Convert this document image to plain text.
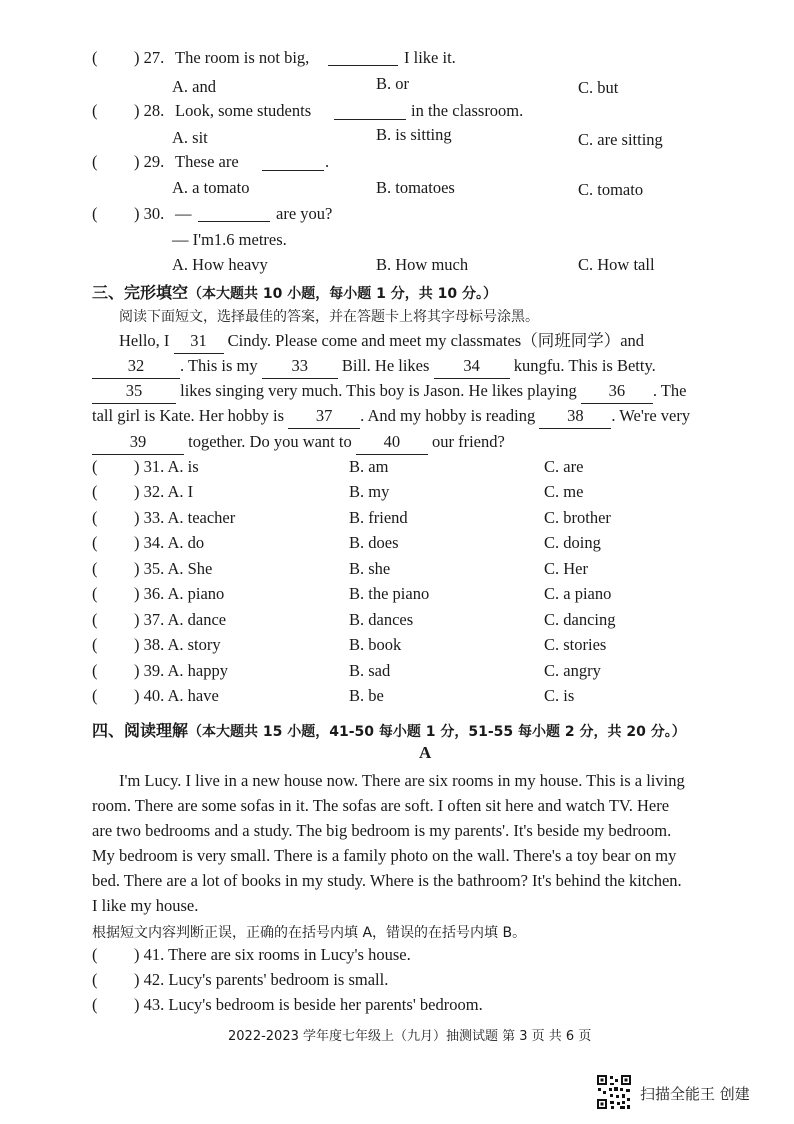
( ) 27. The room is not big,	I like it.
A. and	B. or	C. but
( ) 28. Look, some students	in the classroom.
A. sit	B. is sitting	C. are sitting
( ) 29. These are	.
A. a tomato	B. tomatoes	C. tomato
( ) 30. —	are you?
— I'm1.6 metres.
A. How heavy	B. How much	C. How tall
三、完形填空（本大题共 10 小题，每小题 1 分，共 10 分。）
阅读下面短文，选择最佳的答案，并在答题卡上将其字母标号涂黑。
Hello, I 31 Cindy. Please come and meet my classmates（同班同学）and
32 . This is my 33 Bill. He likes 34 kungfu. This is Betty.
35 likes singing very much. This boy is Jason. He likes playing 36 . The
tall girl is Kate. Her hobby is 37 . And my hobby is reading 38 . We're very
39	together. Do you want to 40 our friend?
( ) 31. A. is	B. am	C. are
( ) 32. A. I	B. my	C. me
( ) 33. A. teacher	B. friend	C. brother
( ) 34. A. do	B. does	C. doing
( ) 35. A. She	B. she	C. Her
( ) 36. A. piano	B. the piano	C. a piano
( ) 37. A. dance	B. dances	C. dancing
( ) 38. A. story	B. book	C. stories
( ) 39. A. happy	B. sad	C. angry
( ) 40. A. have	B. be	C. is
四、阅读理解（本大题共 15 小题，41-50 每小题 1 分，51-55 每小题 2 分，共 20 分。）
A
I'm Lucy. I live in a new house now. There are six rooms in my house. This is a living
room. There are some sofas in it. The sofas are soft. I often sit here and watch TV. Here
are two bedrooms and a study. The big bedroom is my parents'. It's beside my bedroom.
My bedroom is very small. There is a family photo on the wall. There's a toy bear on my
bed. There are a lot of books in my study. Where is the bathroom? It's behind the kitchen.
I like my house.
根据短文内容判断正误，正确的在括号内填 A，错误的在括号内填 B。
( ) 41. There are six rooms in Lucy's house.
( ) 42. Lucy's parents' bedroom is small.
( ) 43. Lucy's bedroom is beside her parents' bedroom.
2022-2023 学年度七年级上（九月）抽测试题 第 3 页 共 6 页
扫描全能王 创建
